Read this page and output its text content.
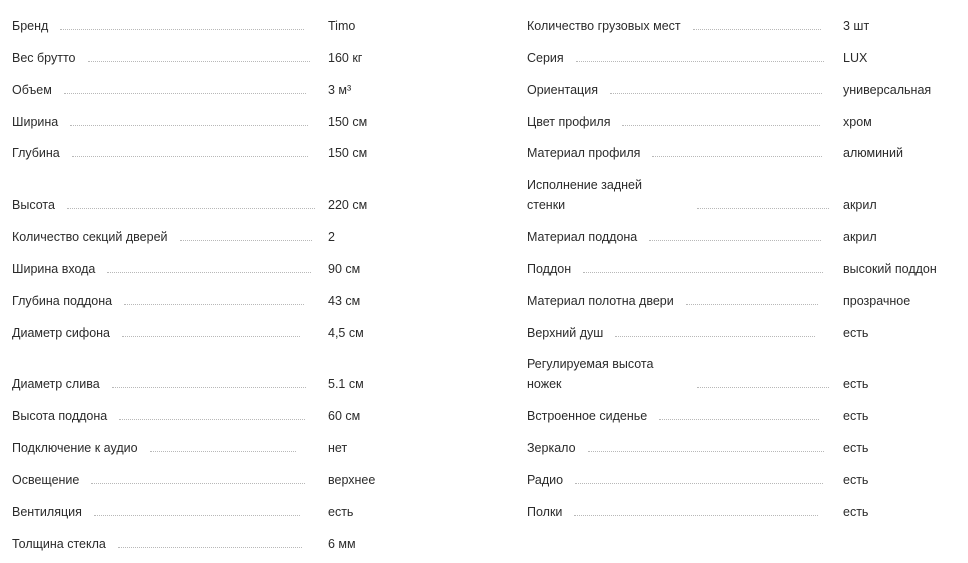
Бренд	Timo
Вес брутто	160 кг
Объем	3 м³
Ширина	150 см
Глубина	150 см
Высота	220 см
Количество секций дверей	2
Ширина входа	90 см
Глубина поддона	43 см
Диаметр сифона	4,5 см
Диаметр слива	5.1 см
Высота поддона	60 см
Подключение к аудио	нет
Освещение	верхнее
Вентиляция	есть
Толщина стекла	6 мм
Количество грузовых мест	3 шт
Серия	LUX
Ориентация	универсальная
Цвет профиля	хром
Материал профиля	алюминий
Исполнение задней стенки	акрил
Материал поддона	акрил
Поддон	высокий поддон
Материал полотна двери	прозрачное
Верхний душ	есть
Регулируемая высота ножек	есть
Встроенное сиденье	есть
Зеркало	есть
Радио	есть
Полки	есть
